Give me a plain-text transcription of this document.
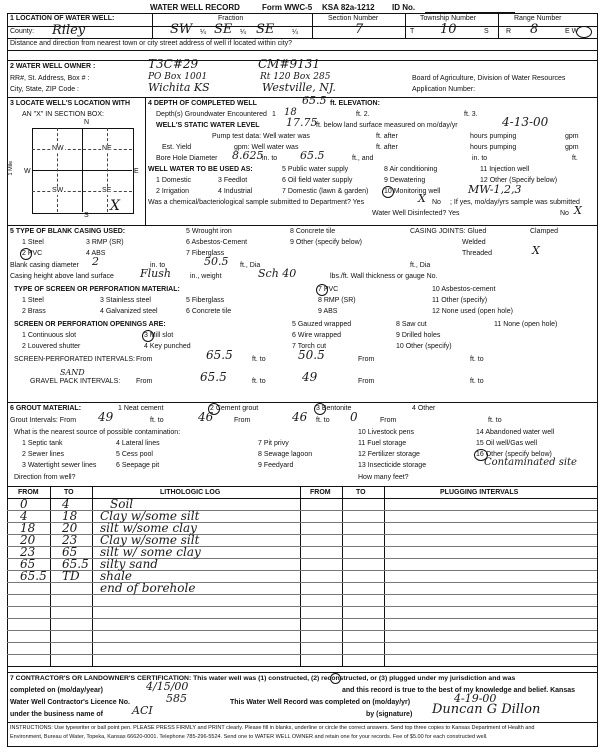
WATER WELL RECORD	Form WWC-5 KSA 82a-1212 ID No.
1 LOCATION OF WATER WELL:
County: Riley
Fraction
SW ¼ SE ¼ SE	¼
Section Number
7
Township Number
T 10	S
Range Number
R 8	E W
Distance and direction from nearest town or city street address of well if located within city?
2 WATER WELL OWNER :	T3C#29	CM#9131
RR#, St. Address, Box # :	PO Box 1001	Rt 120 Box 285
City, State, ZIP Code :	Wichita KS	Westville, NJ.
Board of Agriculture, Division of Water Resources
Application Number:
3 LOCATE WELL'S LOCATION WITH
AN "X" IN SECTION BOX:
N
S
E
W
1 Mile
NW	NE
SW	SE
X
4 DEPTH OF COMPLETED WELL	65.5 ft. ELEVATION:
Depth(s) Groundwater Encountered 1 18	ft. 2.	ft. 3.
WELL'S STATIC WATER LEVEL 17.75
ft. below land surface measured on mo/day/yr	4-13-00
Pump test data: Well water was	ft. after	hours pumping	gpm
Est. Yield	gpm: Well water was	ft. after	hours pumping	gpm
Bore Hole Diameter 8.625
in. to 65.5	ft., and	in. to	ft.
WELL WATER TO BE USED AS:
1 Domestic
2 Irrigation
3 Feedlot
4 Industrial
5 Public water supply
6 Oil field water supply
7 Domestic (lawn & garden)
8 Air conditioning
9 Dewatering
10 Monitoring well
11 Injection well
12 Other (Specify below)
MW-1,2,3
Was a chemical/bacteriological sample submitted to Department? Yes	X No ; If yes, mo/day/yrs sample was submitted
Water Well Disinfected? Yes	No X
5 TYPE OF BLANK CASING USED:
1 Steel
2 PVC
3 RMP (SR)
4 ABS
5 Wrought iron
6 Asbestos-Cement
7 Fiberglass
8 Concrete tile
9 Other (specify below)
CASING JOINTS: Glued	Clamped
Welded
Threaded	X
Blank casing diameter 2	in. to	50.5 ft., Dia	ft., Dia
Casing height above land surface Flush	in., weight	Sch 40	lbs./ft. Wall thickness or gauge No.
TYPE OF SCREEN OR PERFORATION MATERIAL:
1 Steel
2 Brass
3 Stainless steel
4 Galvanized steel
5 Fiberglass
6 Concrete tile
7 PVC
8 RMP (SR)
9 ABS
10 Asbestos-cement
11 Other (specify)
12 None used (open hole)
SCREEN OR PERFORATION OPENINGS ARE:
1 Continuous slot
2 Louvered shutter
3 Mill slot
4 Key punched
5 Gauzed wrapped
6 Wire wrapped
7 Torch cut
8 Saw cut
9 Drilled holes
10 Other (specify)
11 None (open hole)
SCREEN-PERFORATED INTERVALS: From	65.5	ft. to	50.5	From	ft. to
SAND
GRAVEL PACK INTERVALS: From	65.5	ft. to	49	From	ft. to
6 GROUT MATERIAL:	1 Neat cement	2 Cement grout	3 Bentonite	4 Other
Grout Intervals: From 49	ft. to	46	From	46 ft. to 0	From	ft. to
What is the nearest source of possible contamination:
1 Septic tank
2 Sewer lines
3 Watertight sewer lines
4 Lateral lines
5 Cess pool
6 Seepage pit
7 Pit privy
8 Sewage lagoon
9 Feedyard
10 Livestock pens
11 Fuel storage
12 Fertilizer storage
13 Insecticide storage
14 Abandoned water well
15 Oil well/Gas well
16 Other (specify below)
Contaminated site
Direction from well?	How many feet?
FROM	TO	LITHOLOGIC LOG	FROM	TO	PLUGGING INTERVALS
0	4	Soil
4	18 Clay w/some silt
18 20 silt w/some clay
20 23 Clay w/some silt
23 65 silt w/ some clay
65 65.5 silty sand
65.5 TD shale
end of borehole
7 CONTRACTOR'S OR LANDOWNER'S CERTIFICATION: This water well was (1) constructed, (2) reconstructed, or (3) plugged under my jurisdiction and was
completed on (mo/day/year)	4/15/00	and this record is true to the best of my knowledge and belief. Kansas
Water Well Contractor's Licence No.	585	This Water Well Record was completed on (mo/day/yr)	4-19-00
under the business name of	ACI	by (signature) Duncan G Dillon
INSTRUCTIONS: Use typewriter or ball point pen. PLEASE PRESS FIRMLY and PRINT clearly. Please fill in blanks, underline or circle the correct answers. Send top three copies to Kansas Department of Health and
Environment, Bureau of Water, Topeka, Kansas 66620-0001. Telephone 785-296-5524. Send one to WATER WELL OWNER and retain one for your records. Fee of $5.00 for each constructed well.
